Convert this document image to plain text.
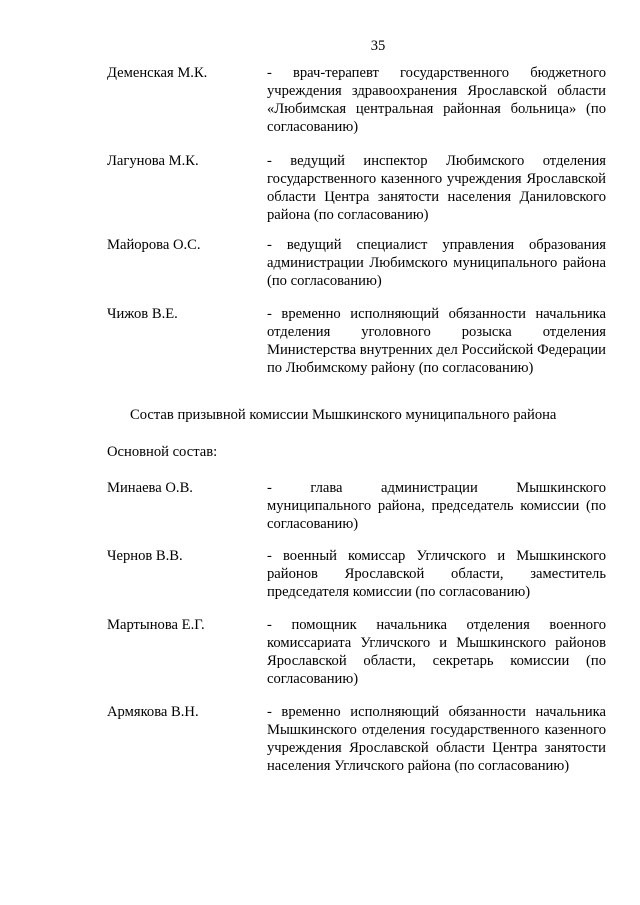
35

Деменская М.К.	- врач-терапевт государственного бюджетного учреждения здравоохранения Ярославской области «Любимская центральная районная больница» (по согласованию)
Лагунова М.К.	- ведущий инспектор Любимского отделения государственного казенного учреждения Ярославской области Центра занятости населения Даниловского района (по согласованию)
Майорова О.С.	- ведущий специалист управления образования администрации Любимского муниципального района (по согласованию)
Чижов В.Е.	- временно исполняющий обязанности начальника отделения уголовного розыска отделения Министерства внутренних дел Российской Федерации по Любимскому району (по согласованию)
Состав призывной комиссии Мышкинского муниципального района

Основной состав:

Минаева О.В.	- глава администрации Мышкинского муниципального района, председатель комиссии (по согласованию)
Чернов В.В.	- военный комиссар Угличского и Мышкинского районов Ярославской области, заместитель председателя комиссии (по согласованию)
Мартынова Е.Г.	- помощник начальника отделения военного комиссариата Угличского и Мышкинского районов Ярославской области, секретарь комиссии (по согласованию)
Армякова В.Н.	- временно исполняющий обязанности начальника Мышкинского отделения государственного казенного учреждения Ярославской области Центра занятости населения Угличского района (по согласованию)
